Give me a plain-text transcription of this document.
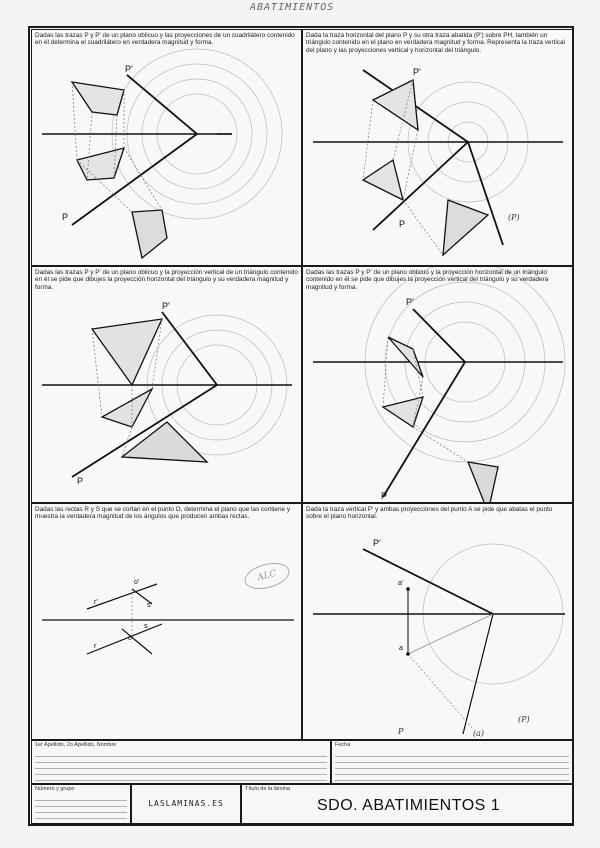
ABATIMIENTOS
P'
P
Dadas las trazas P y P' de un plano oblicuo y las proyecciones de un cuadrilátero contenido en él determina el cuadrilátero en verdadera magnitud y forma.
P'
P
(P)
Dada la traza horizontal del plano P y su otra traza abatida (P') sobre PH, también un triángulo contenido en el plano en verdadera magnitud y forma. Representa la traza vertical del plano y las proyecciones vertical y horizontal del triángulo.
P'
P
Dadas las trazas P y P' de un plano oblicuo y la proyección vertical de un triángulo contenido en él se pide que dibujes la proyección horizontal del triángulo y su verdadera magnitud y forma.
P'
P
Dadas las trazas P y P' de un plano oblicuo y la proyección horizontal de un triángulo contenido en él se pide que dibujes la proyección vertical del triángulo y su verdadera magnitud y forma.
r'	s'
o'
r
s
o
Dadas las rectas R y S que se cortan en el punto O, determina el plano que las contiene y muestra la verdadera magnitud de los ángulos que producen ambas rectas.
P'
a'
a
P	(a)
(P)
Dada la traza vertical P' y ambas proyecciones del punto A se pide que abatas el punto sobre el plano horizontal.
ALC
1er Apellido, 2o Apellido, Nombre	Fecha
Número y grupo
LASLAMINAS.ES
Título de la lámina
SDO. ABATIMIENTOS 1
